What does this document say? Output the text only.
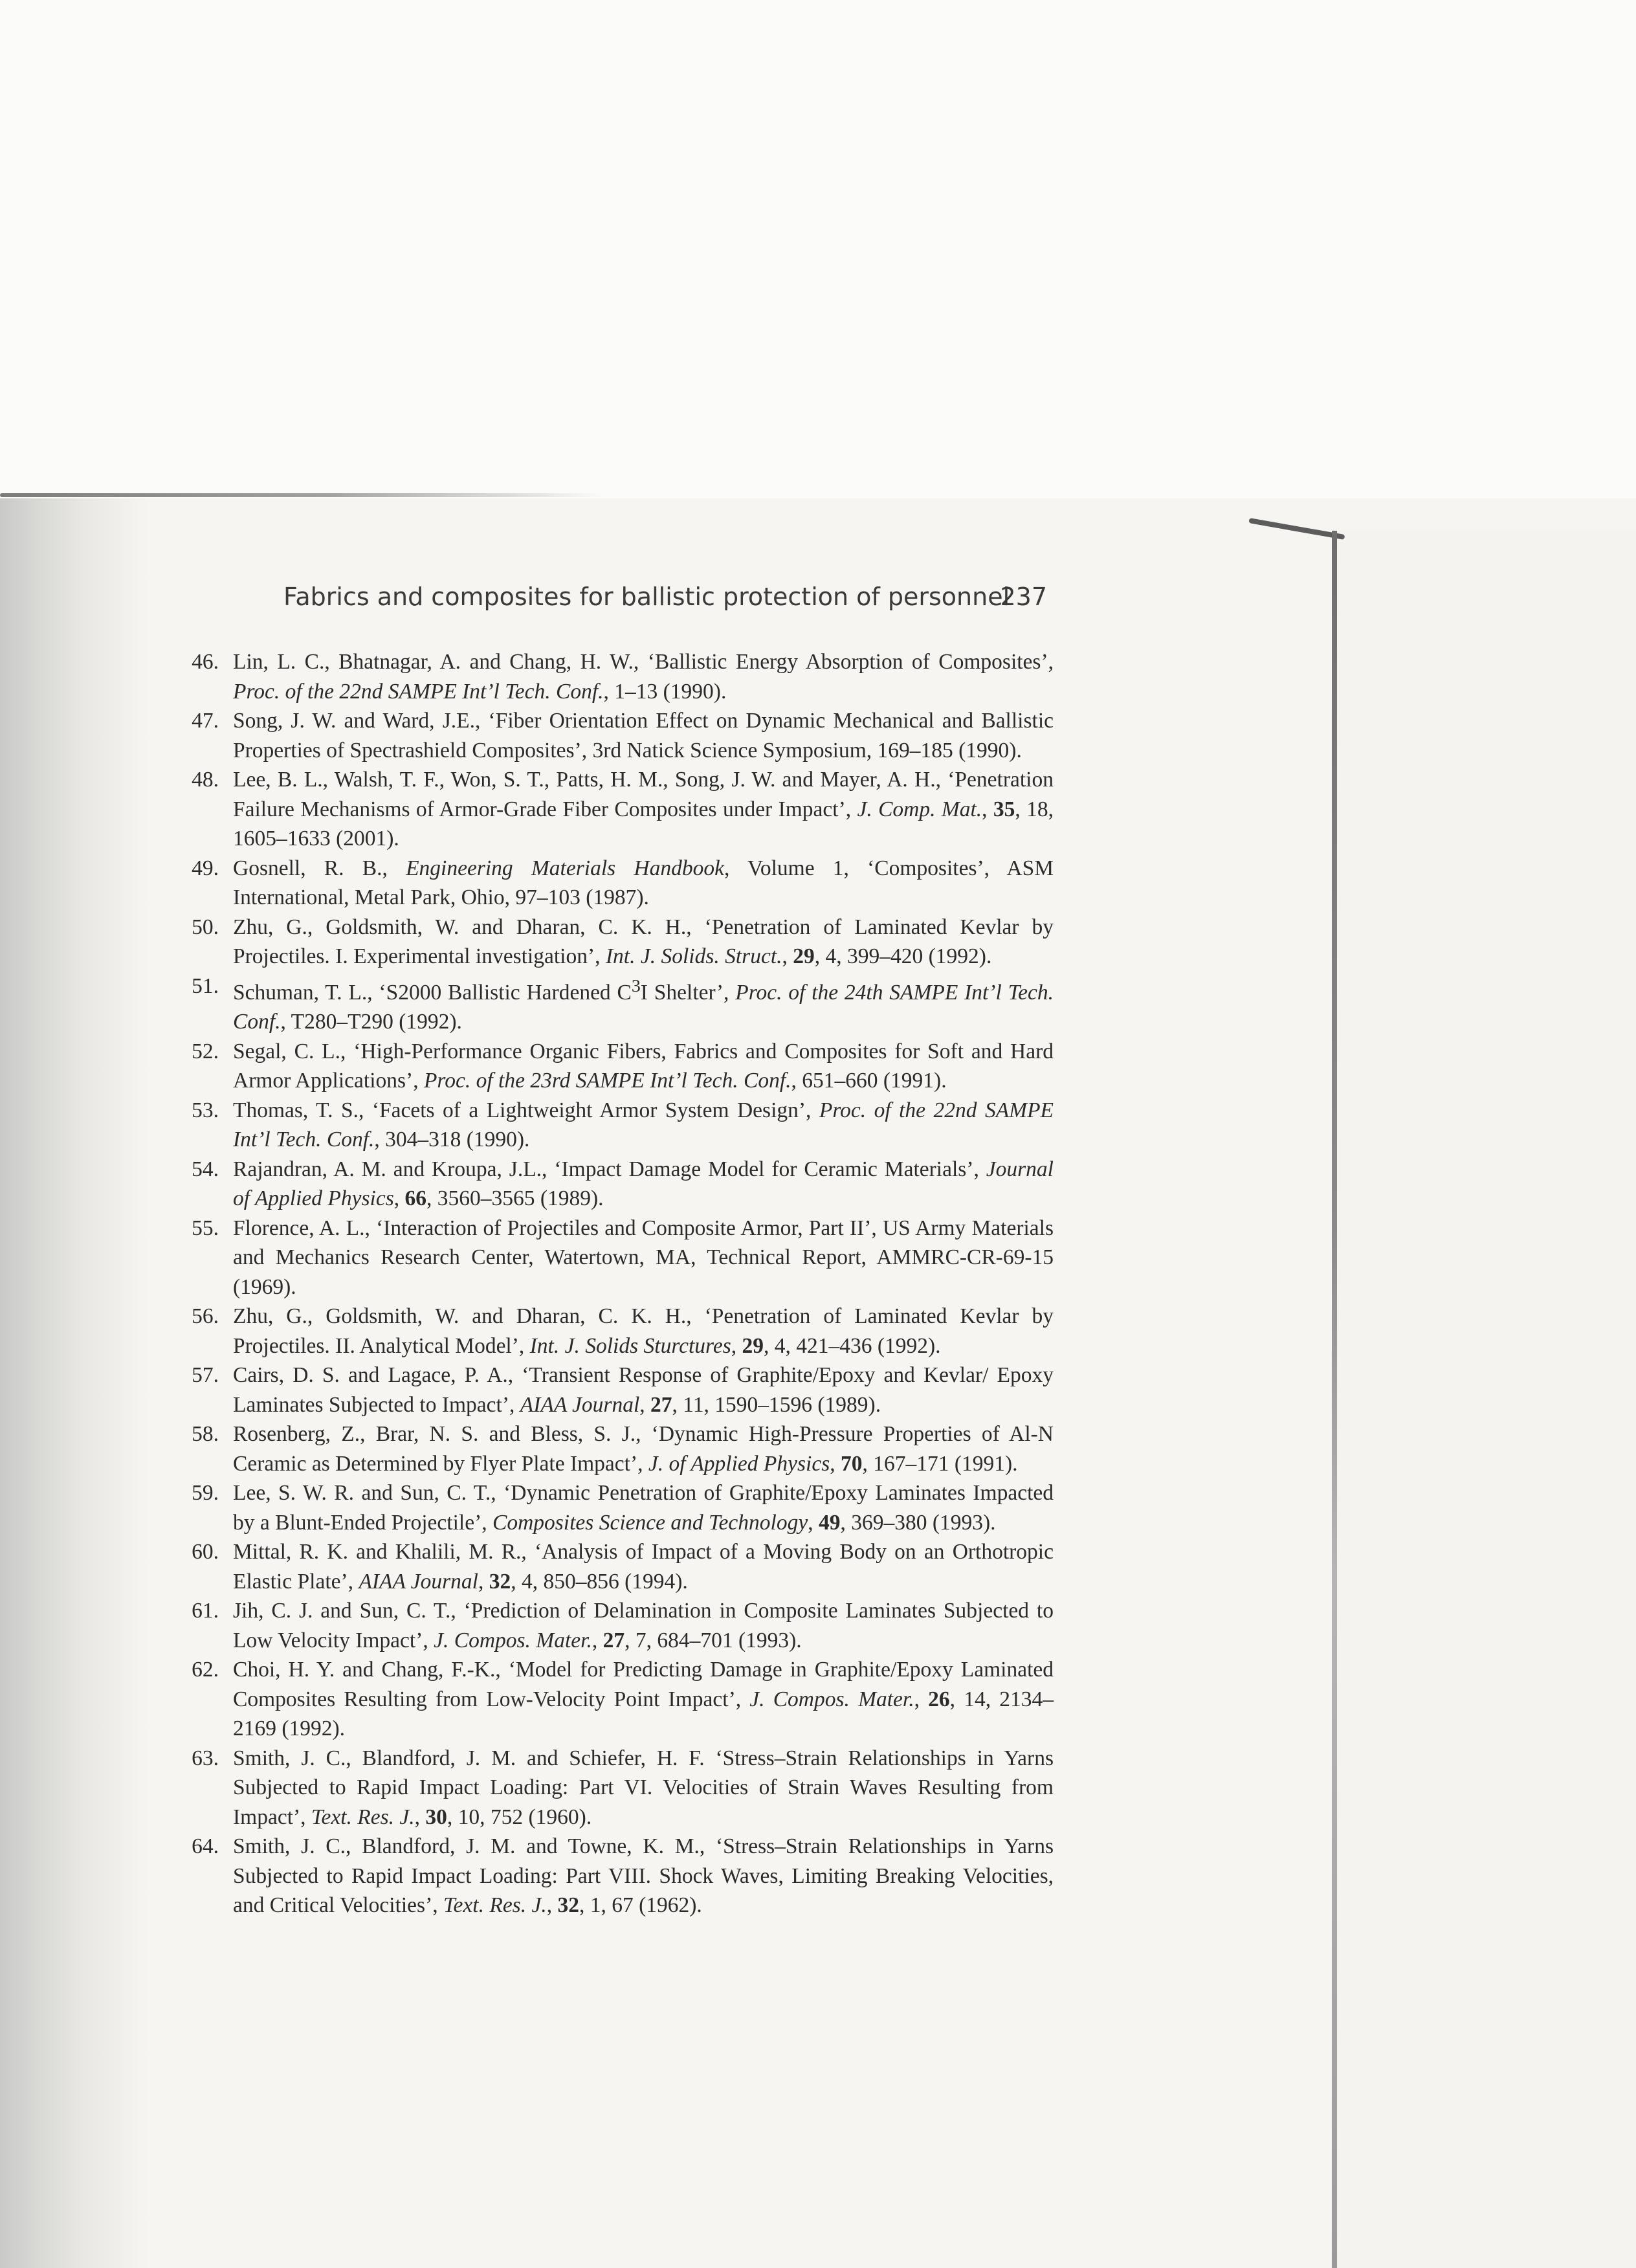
Fabrics and composites for ballistic protection of personnel
237
46. Lin, L. C., Bhatnagar, A. and Chang, H. W., ‘Ballistic Energy Absorption of Composites’, Proc. of the 22nd SAMPE Int’l Tech. Conf., 1–13 (1990).
47. Song, J. W. and Ward, J.E., ‘Fiber Orientation Effect on Dynamic Mechanical and Ballistic Properties of Spectrashield Composites’, 3rd Natick Science Symposium, 169–185 (1990).
48. Lee, B. L., Walsh, T. F., Won, S. T., Patts, H. M., Song, J. W. and Mayer, A. H., ‘Penetration Failure Mechanisms of Armor-Grade Fiber Composites under Impact’, J. Comp. Mat., 35, 18, 1605–1633 (2001).
49. Gosnell, R. B., Engineering Materials Handbook, Volume 1, ‘Composites’, ASM International, Metal Park, Ohio, 97–103 (1987).
50. Zhu, G., Goldsmith, W. and Dharan, C. K. H., ‘Penetration of Laminated Kevlar by Projectiles. I. Experimental investigation’, Int. J. Solids. Struct., 29, 4, 399–420 (1992).
51. Schuman, T. L., ‘S2000 Ballistic Hardened $C^3I$ Shelter’, Proc. of the 24th SAMPE Int’l Tech. Conf., T280–T290 (1992).
52. Segal, C. L., ‘High-Performance Organic Fibers, Fabrics and Composites for Soft and Hard Armor Applications’, Proc. of the 23rd SAMPE Int’l Tech. Conf., 651–660 (1991).
53. Thomas, T. S., ‘Facets of a Lightweight Armor System Design’, Proc. of the 22nd SAMPE Int’l Tech. Conf., 304–318 (1990).
54. Rajandran, A. M. and Kroupa, J.L., ‘Impact Damage Model for Ceramic Materials’, Journal of Applied Physics, 66, 3560–3565 (1989).
55. Florence, A. L., ‘Interaction of Projectiles and Composite Armor, Part II’, US Army Materials and Mechanics Research Center, Watertown, MA, Technical Report, AMMRC-CR-69-15 (1969).
56. Zhu, G., Goldsmith, W. and Dharan, C. K. H., ‘Penetration of Laminated Kevlar by Projectiles. II. Analytical Model’, Int. J. Solids Sturctures, 29, 4, 421–436 (1992).
57. Cairs, D. S. and Lagace, P. A., ‘Transient Response of Graphite/Epoxy and Kevlar/ Epoxy Laminates Subjected to Impact’, AIAA Journal, 27, 11, 1590–1596 (1989).
58. Rosenberg, Z., Brar, N. S. and Bless, S. J., ‘Dynamic High-Pressure Properties of Al-N Ceramic as Determined by Flyer Plate Impact’, J. of Applied Physics, 70, 167–171 (1991).
59. Lee, S. W. R. and Sun, C. T., ‘Dynamic Penetration of Graphite/Epoxy Laminates Impacted by a Blunt-Ended Projectile’, Composites Science and Technology, 49, 369–380 (1993).
60. Mittal, R. K. and Khalili, M. R., ‘Analysis of Impact of a Moving Body on an Orthotropic Elastic Plate’, AIAA Journal, 32, 4, 850–856 (1994).
61. Jih, C. J. and Sun, C. T., ‘Prediction of Delamination in Composite Laminates Subjected to Low Velocity Impact’, J. Compos. Mater., 27, 7, 684–701 (1993).
62. Choi, H. Y. and Chang, F.-K., ‘Model for Predicting Damage in Graphite/Epoxy Laminated Composites Resulting from Low-Velocity Point Impact’, J. Compos. Mater., 26, 14, 2134–2169 (1992).
63. Smith, J. C., Blandford, J. M. and Schiefer, H. F. ‘Stress–Strain Relationships in Yarns Subjected to Rapid Impact Loading: Part VI. Velocities of Strain Waves Resulting from Impact’, Text. Res. J., 30, 10, 752 (1960).
64. Smith, J. C., Blandford, J. M. and Towne, K. M., ‘Stress–Strain Relationships in Yarns Subjected to Rapid Impact Loading: Part VIII. Shock Waves, Limiting Breaking Velocities, and Critical Velocities’, Text. Res. J., 32, 1, 67 (1962).
